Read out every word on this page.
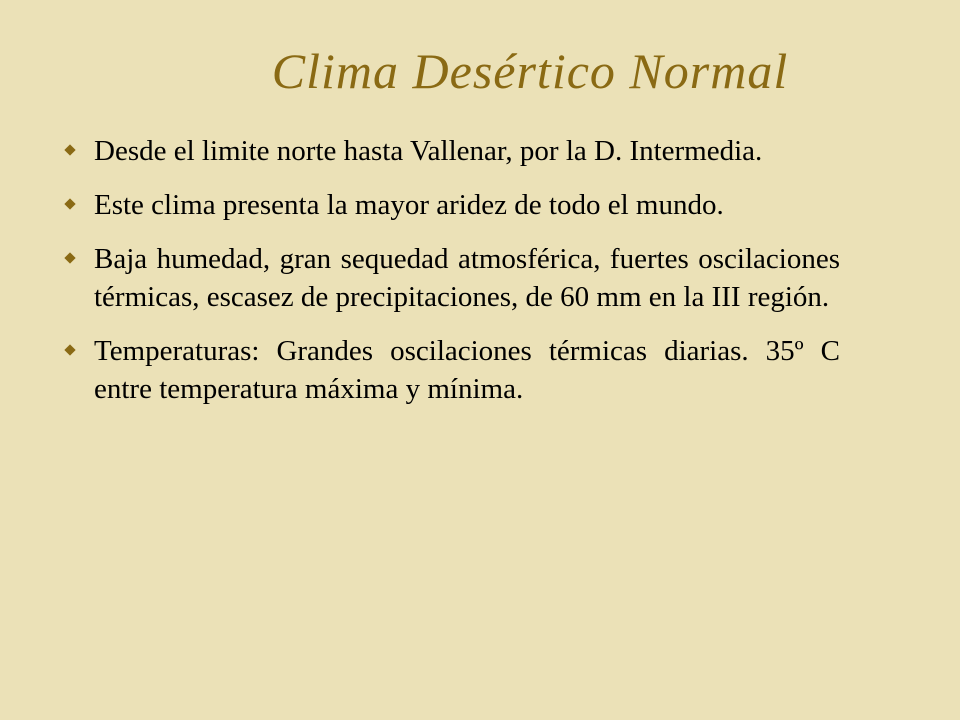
Clima Desértico Normal
Desde el limite norte hasta Vallenar, por la D. Intermedia.
Este clima presenta la mayor aridez de todo el mundo.
Baja humedad, gran sequedad atmosférica, fuertes oscilaciones térmicas, escasez de precipitaciones, de 60 mm en la III región.
Temperaturas: Grandes oscilaciones térmicas diarias. 35º C entre temperatura máxima y mínima.
